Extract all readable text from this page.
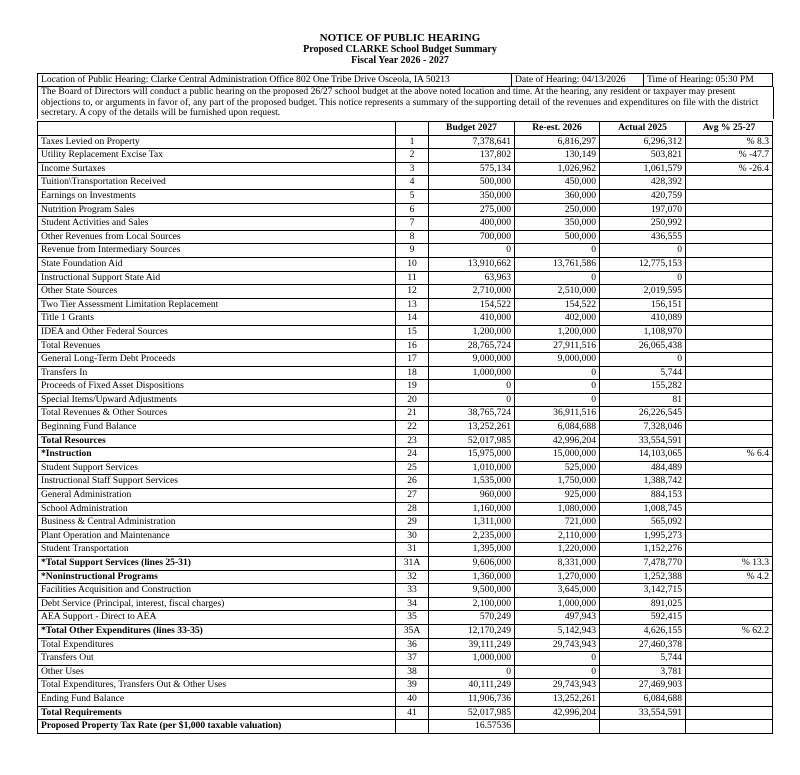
NOTICE OF PUBLIC HEARING
Proposed CLARKE School Budget Summary
Fiscal Year 2026 - 2027
Location of Public Hearing: Clarke Central Administration Office 802 One Tribe Drive Osceola, IA 50213	Date of Hearing: 04/13/2026	Time of Hearing: 05:30 PM
The Board of Directors will conduct a public hearing on the proposed 26/27 school budget at the above noted location and time. At the hearing, any resident or taxpayer may present objections to, or arguments in favor of, any part of the proposed budget. This notice represents a summary of the supporting detail of the revenues and expenditures on file with the district secretary. A copy of the details will be furnished upon request.
		Budget 2027	Re-est. 2026	Actual 2025	Avg % 25-27
Taxes Levied on Property	1	7,378,641	6,816,297	6,296,312	% 8.3
Utility Replacement Excise Tax	2	137,802	130,149	503,821	% -47.7
Income Surtaxes	3	575,134	1,026,962	1,061,579	% -26.4
Tuition\Transportation Received	4	500,000	450,000	428,392	
Earnings on Investments	5	350,000	360,000	420,759	
Nutrition Program Sales	6	275,000	250,000	197,070	
Student Activities and Sales	7	400,000	350,000	250,992	
Other Revenues from Local Sources	8	700,000	500,000	436,555	
Revenue from Intermediary Sources	9	0	0	0	
State Foundation Aid	10	13,910,662	13,761,586	12,775,153	
Instructional Support State Aid	11	63,963	0	0	
Other State Sources	12	2,710,000	2,510,000	2,019,595	
Two Tier Assessment Limitation Replacement	13	154,522	154,522	156,151	
Title 1 Grants	14	410,000	402,000	410,089	
IDEA and Other Federal Sources	15	1,200,000	1,200,000	1,108,970	
Total Revenues	16	28,765,724	27,911,516	26,065,438	
General Long-Term Debt Proceeds	17	9,000,000	9,000,000	0	
Transfers In	18	1,000,000	0	5,744	
Proceeds of Fixed Asset Dispositions	19	0	0	155,282	
Special Items/Upward Adjustments	20	0	0	81	
Total Revenues & Other Sources	21	38,765,724	36,911,516	26,226,545	
Beginning Fund Balance	22	13,252,261	6,084,688	7,328,046	
Total Resources	23	52,017,985	42,996,204	33,554,591	
*Instruction	24	15,975,000	15,000,000	14,103,065	% 6.4
Student Support Services	25	1,010,000	525,000	484,489	
Instructional Staff Support Services	26	1,535,000	1,750,000	1,388,742	
General Administration	27	960,000	925,000	884,153	
School Administration	28	1,160,000	1,080,000	1,008,745	
Business & Central Administration	29	1,311,000	721,000	565,092	
Plant Operation and Maintenance	30	2,235,000	2,110,000	1,995,273	
Student Transportation	31	1,395,000	1,220,000	1,152,276	
*Total Support Services (lines 25-31)	31A	9,606,000	8,331,000	7,478,770	% 13.3
*Noninstructional Programs	32	1,360,000	1,270,000	1,252,388	% 4.2
Facilities Acquisition and Construction	33	9,500,000	3,645,000	3,142,715	
Debt Service (Principal, interest, fiscal charges)	34	2,100,000	1,000,000	891,025	
AEA Support - Direct to AEA	35	570,249	497,943	592,415	
*Total Other Expenditures (lines 33-35)	35A	12,170,249	5,142,943	4,626,155	% 62.2
Total Expenditures	36	39,111,249	29,743,943	27,460,378	
Transfers Out	37	1,000,000	0	5,744	
Other Uses	38	0	0	3,781	
Total Expenditures, Transfers Out & Other Uses	39	40,111,249	29,743,943	27,469,903	
Ending Fund Balance	40	11,906,736	13,252,261	6,084,688	
Total Requirements	41	52,017,985	42,996,204	33,554,591	
Proposed Property Tax Rate (per $1,000 taxable valuation)		16.57536			
